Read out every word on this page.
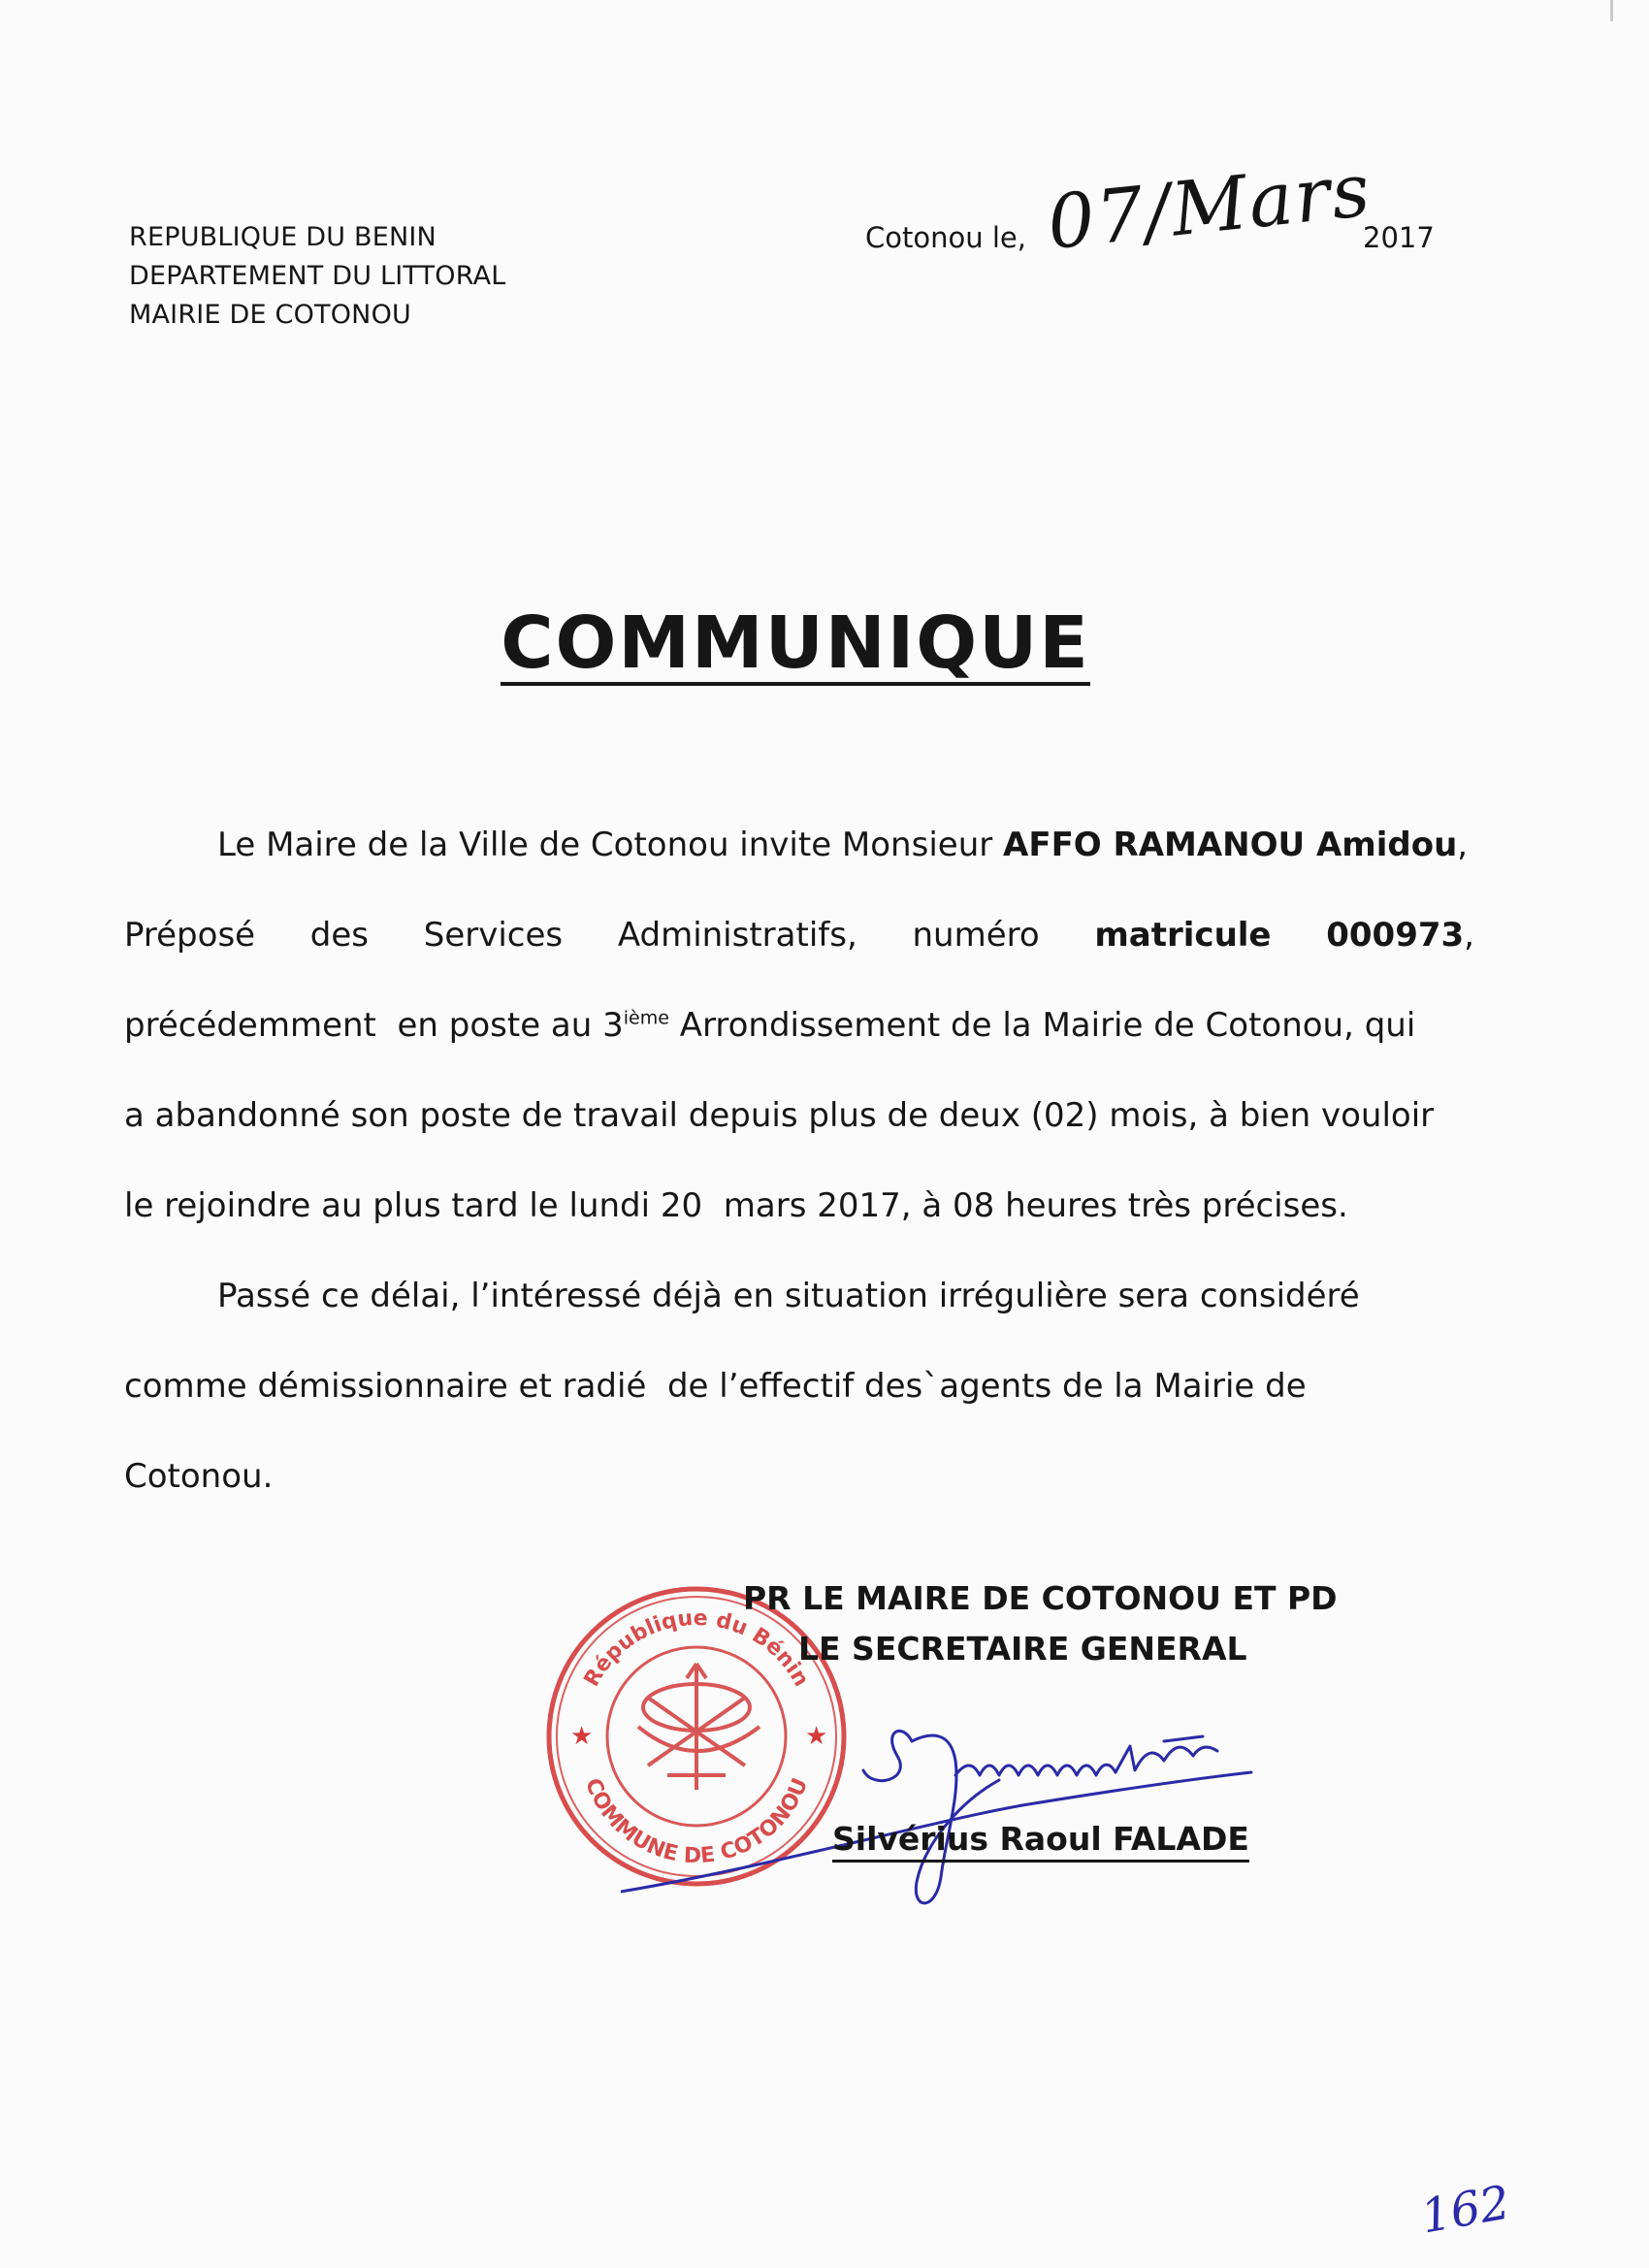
REPUBLIQUE DU BENIN
DEPARTEMENT DU LITTORAL
MAIRIE DE COTONOU
Cotonou le, 07/Mars
2017
COMMUNIQUE
Le Maire de la Ville de Cotonou invite Monsieur AFFO RAMANOU Amidou,
Préposé des Services Administratifs, numéro matricule 000973,
précédemment  en poste au 3ième Arrondissement de la Mairie de Cotonou, qui
a abandonné son poste de travail depuis plus de deux (02) mois, à bien vouloir
le rejoindre au plus tard le lundi 20  mars 2017, à 08 heures très précises.
Passé ce délai, l’intéressé déjà en situation irrégulière sera considéré
comme démissionnaire et radié  de l’effectif des`agents de la Mairie de
Cotonou.
République du Bénin
COMMUNE DE COTONOU
★	★
PR LE MAIRE DE COTONOU ET PD
LE SECRETAIRE GENERAL
Silvérius Raoul FALADE
162
